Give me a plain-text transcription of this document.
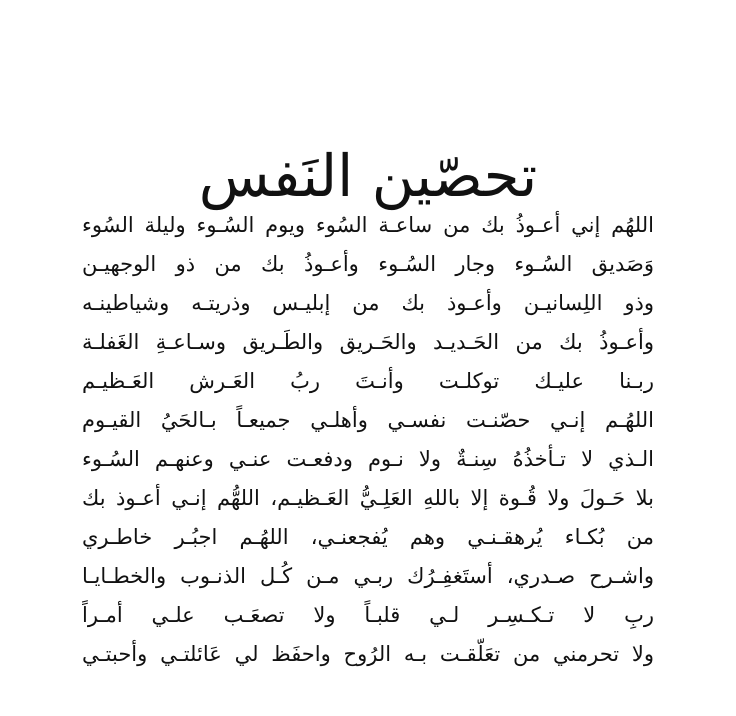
تحصّين النَفس
اللهُم إني أعـوذُ بك من ساعـة السُوء ويوم السُـوء وليلة السُوء
وَصَديق السُـوء وجار السُـوء وأعـوذُ بك من ذو الوجهيـن
وذو اللِسانيـن وأعـوذ بك من إبليـس وذريتـه وشياطينـه
وأعـوذُ بك من الحَـديـد والحَـريق والطَـريق وسـاعـةِ الغَفلـة
ربـنا عليـك توكلـت وأنـتَ ربُ العَـرش العَـظيـم
اللهُـم إنـي حصّنـت نفسـي وأهلـي جميعـاً بـالحَيُ القيـوم
الـذي لا تـأخذُهُ سِنـةٌ ولا نـوم ودفعـت عنـي وعنهـم السُـوء
بلا حَـولَ ولا قُـوة إلا باللهِ العَلِـيُّ العَـظيـم، اللهُّم إنـي أعـوذ بك
من بُكـاء يُرهقـنـي وهم يُفجعنـي، اللهُـم اجبُـر خاطـري
واشـرح صـدري، أستَغفِـرُك ربـي مـن كُـل الذنـوب والخطـايـا
ربِ لا تـكـسِـر لـي قلبـاً ولا تصعَـب علـي أمـراً
ولا تحرمني من تعَلّقـت بـه الرُوح واحفَظ لي عَائلتـي وأحبتـي
